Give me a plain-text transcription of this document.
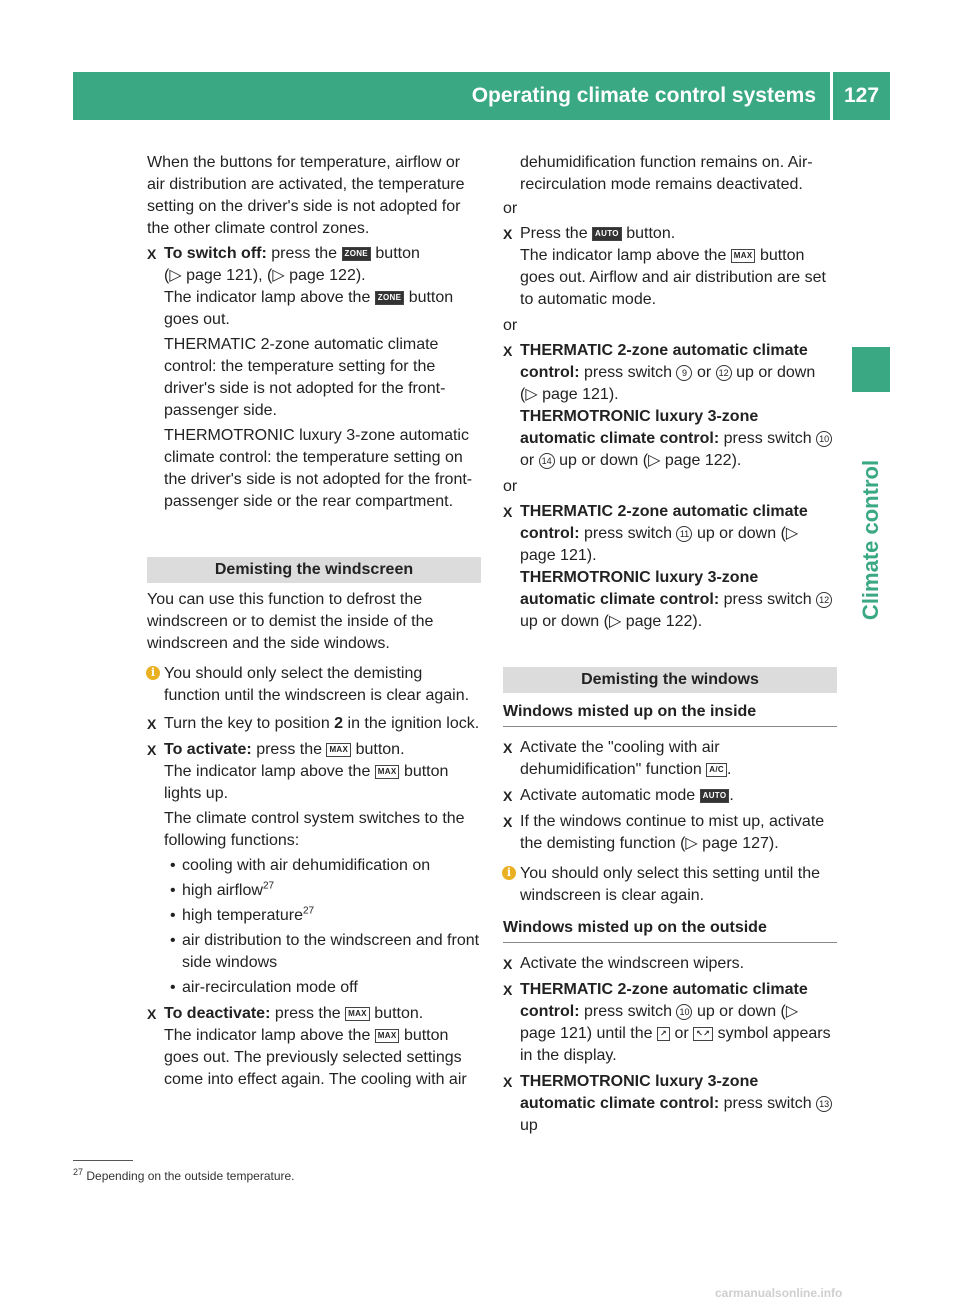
Operating climate control systems	127
Climate control

When the buttons for temperature, airflow or air distribution are activated, the temperature setting on the driver's side is not adopted for the other climate control zones.

X To switch off: press the ZONE button
(▷ page 121), (▷ page 122).
The indicator lamp above the ZONE button goes out.

THERMATIC 2-zone automatic climate control: the temperature setting for the driver's side is not adopted for the front-passenger side.

THERMOTRONIC luxury 3-zone automatic climate control: the temperature setting on the driver's side is not adopted for the front-passenger side or the rear compartment.

Demisting the windscreen

You can use this function to defrost the windscreen or to demist the inside of the windscreen and the side windows.

i You should only select the demisting function until the windscreen is clear again.
X Turn the key to position 2 in the ignition lock.
X To activate: press the MAX button.
The indicator lamp above the MAX button lights up.

The climate control system switches to the following functions:

• cooling with air dehumidification on
• high airflow$^{27}$
• high temperature$^{27}$
• air distribution to the windscreen and front side windows
• air-recirculation mode off
X To deactivate: press the MAX button.
The indicator lamp above the MAX button goes out. The previously selected settings come into effect again. The cooling with air

dehumidification function remains on. Air-recirculation mode remains deactivated.

or

X Press the AUTO button.
The indicator lamp above the MAX button goes out. Airflow and air distribution are set to automatic mode.

or

X THERMATIC 2-zone automatic climate control: press switch 9 or 12 up or down (▷ page 121).
THERMOTRONIC luxury 3-zone automatic climate control: press switch 10 or 14 up or down (▷ page 122).

or

X THERMATIC 2-zone automatic climate control: press switch 11 up or down (▷ page 121).
THERMOTRONIC luxury 3-zone automatic climate control: press switch 12 up or down (▷ page 122).
Demisting the windows
Windows misted up on the inside
X Activate the "cooling with air dehumidification" function A/C .
X Activate automatic mode AUTO .
X If the windows continue to mist up, activate the demisting function (▷ page 127).
i You should only select this setting until the windscreen is clear again.
Windows misted up on the outside
X Activate the windscreen wipers.
X THERMATIC 2-zone automatic climate control: press switch 10 up or down (▷ page 121) until the ↗ or ↖↗ symbol appears in the display.
X THERMOTRONIC luxury 3-zone automatic climate control: press switch 13 up
$^{27}$ Depending on the outside temperature.
carmanualsonline.info
